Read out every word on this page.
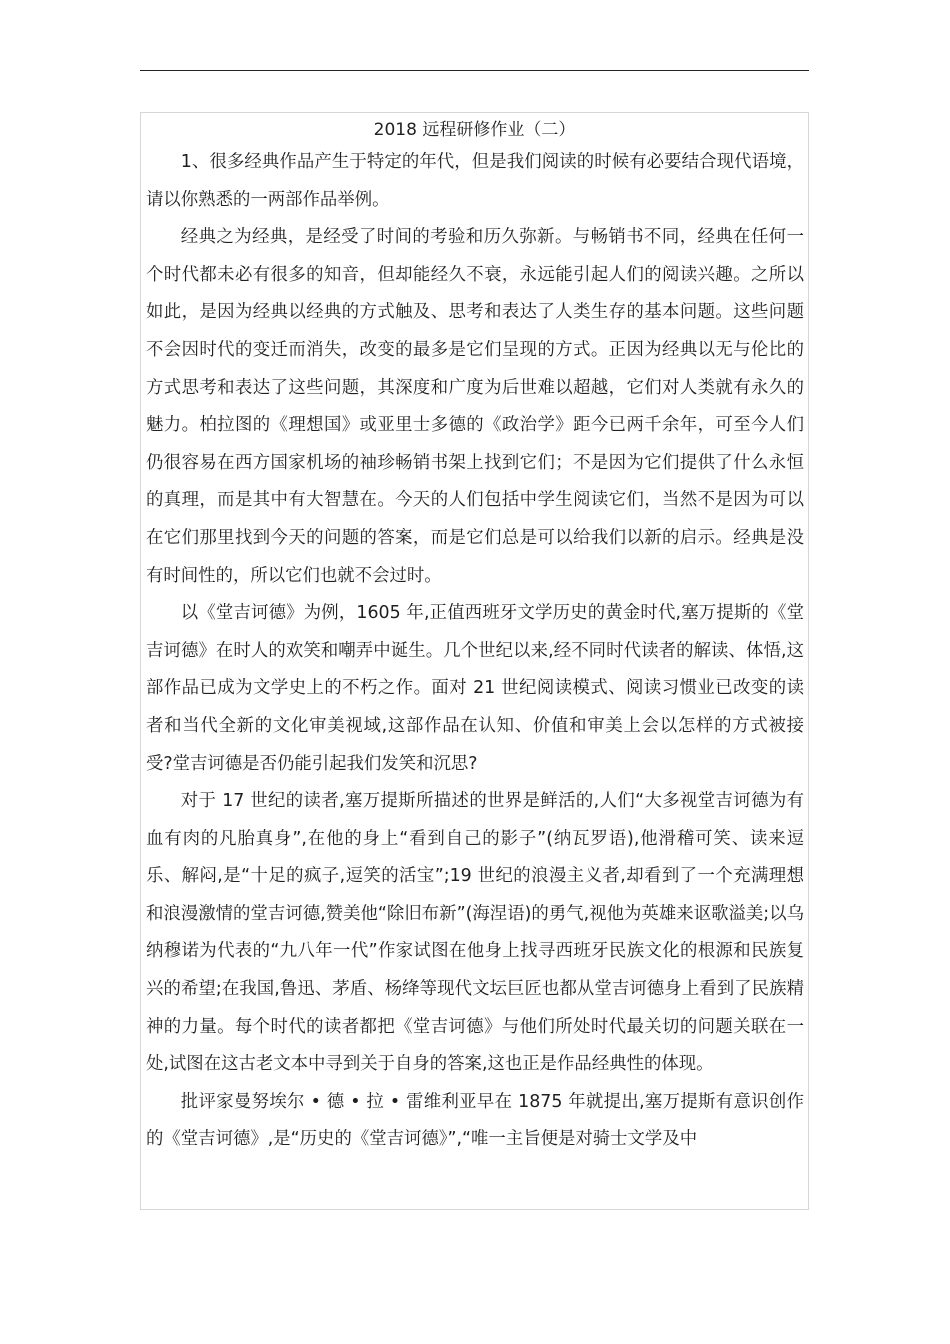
2018 远程研修作业（二）

1、很多经典作品产生于特定的年代，但是我们阅读的时候有必要结合现代语境，请以你熟悉的一两部作品举例。

经典之为经典，是经受了时间的考验和历久弥新。与畅销书不同，经典在任何一个时代都未必有很多的知音，但却能经久不衰，永远能引起人们的阅读兴趣。之所以如此，是因为经典以经典的方式触及、思考和表达了人类生存的基本问题。这些问题不会因时代的变迁而消失，改变的最多是它们呈现的方式。正因为经典以无与伦比的方式思考和表达了这些问题，其深度和广度为后世难以超越，它们对人类就有永久的魅力。柏拉图的《理想国》或亚里士多德的《政治学》距今已两千余年，可至今人们仍很容易在西方国家机场的袖珍畅销书架上找到它们；不是因为它们提供了什么永恒的真理，而是其中有大智慧在。今天的人们包括中学生阅读它们，当然不是因为可以在它们那里找到今天的问题的答案，而是它们总是可以给我们以新的启示。经典是没有时间性的，所以它们也就不会过时。

以《堂吉诃德》为例，1605 年,正值西班牙文学历史的黄金时代,塞万提斯的《堂吉诃德》在时人的欢笑和嘲弄中诞生。几个世纪以来,经不同时代读者的解读、体悟,这部作品已成为文学史上的不朽之作。面对 21 世纪阅读模式、阅读习惯业已改变的读者和当代全新的文化审美视域,这部作品在认知、价值和审美上会以怎样的方式被接受?堂吉诃德是否仍能引起我们发笑和沉思?

对于 17 世纪的读者,塞万提斯所描述的世界是鲜活的,人们“大多视堂吉诃德为有血有肉的凡胎真身”,在他的身上“看到自己的影子”(纳瓦罗语),他滑稽可笑、读来逗乐、解闷,是“十足的疯子,逗笑的活宝”;19 世纪的浪漫主义者,却看到了一个充满理想和浪漫激情的堂吉诃德,赞美他“除旧布新”(海涅语)的勇气,视他为英雄来讴歌溢美;以乌纳穆诺为代表的“九八年一代”作家试图在他身上找寻西班牙民族文化的根源和民族复兴的希望;在我国,鲁迅、茅盾、杨绛等现代文坛巨匠也都从堂吉诃德身上看到了民族精神的力量。每个时代的读者都把《堂吉诃德》与他们所处时代最关切的问题关联在一处,试图在这古老文本中寻到关于自身的答案,这也正是作品经典性的体现。

批评家曼努埃尔 • 德 • 拉 • 雷维利亚早在 1875 年就提出,塞万提斯有意识创作的《堂吉诃德》,是“历史的《堂吉诃德》”,“唯一主旨便是对骑士文学及中
